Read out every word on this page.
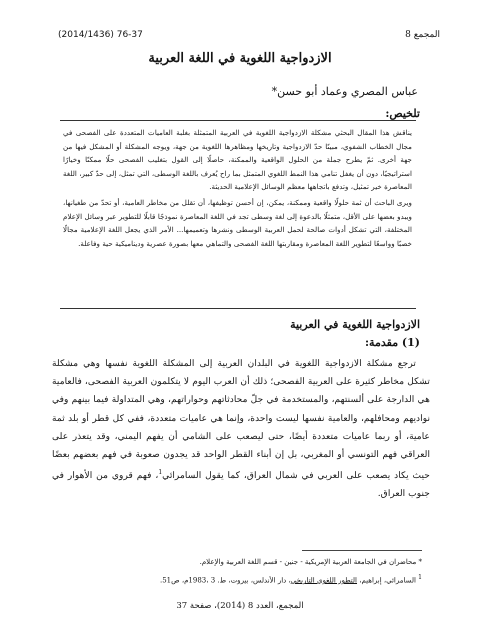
المجمع 8
(2014/1436) 76-37
الازدواجية اللغوية في اللغة العربية
عباس المصري وعماد أبو حسن*
تلخيص:

يناقش هذا المقال البحثي مشكلة الازدواجية اللغوية في العربية المتمثلة بغلبة العاميات المتعددة على الفصحى في مجال الخطاب الشفوي، مبينًا حدّ الازدواجية وتاريخها ومظاهرها اللغوية من جهة، ويوجه المشكلة أو المشكل فيها من جهة أخرى. ثمّ يطرح جملة من الحلول الواقعية والممكنة، حاصلًا إلى القول بتغليب الفصحى حلًا ممكنًا وخيارًا استراتيجيًا، دون أن يغفل تنامي هذا النمط اللغوي المتمثل بما راح يُعرف باللغة الوسطى، التي تمثل، إلى حدّ كبير، اللغة المعاصرة خير تمثيل، وتدفع باتجاهها معظم الوسائل الإعلامية الحديثة.

ويرى الباحث أن ثمة حلولًا واقعية وممكنة، يمكن، إن أحسن توظيفها، أن تقلل من مخاطر العامية، أو تحدّ من طغيانها، ويبدو بعضها على الأقل، متمثلًا بالدعوة إلى لغة وسطى تجد في اللغة المعاصرة نموذجًا قابلًا للتطوير عبر وسائل الإعلام المختلفة، التي تشكل أدوات صالحة لحمل العربية الوسطى ونشرها وتعميمها... الأمر الذي يجعل اللغة الإعلامية مجالًا خصبًا وواسعًا لتطوير اللغة المعاصرة ومقاربتها اللغة الفصحى والتماهي معها بصورة عصرية وديناميكية حية وفاعلة.

الازدواجية اللغوية في العربية
(1) مقدمة:

ترجع مشكلة الازدواجية اللغوية في البلدان العربية إلى المشكلة اللغوية نفسها وهي مشكلة تشكل مخاطر كثيرة على العربية الفصحى؛ ذلك أن العرب اليوم لا يتكلمون العربية الفصحى، فالعامية هي الدارجة على ألسنتهم، والمستخدمة في جلّ محادثاتهم وحواراتهم، وهي المتداولة فيما بينهم وفي نواديهم ومحافلهم، والعامية نفسها ليست واحدة، وإنما هي عاميات متعددة، ففي كل قطر أو بلد ثمة عامية، أو ربما عاميات متعددة أيضًا، حتى ليصعب على الشامي أن يفهم اليمني، وقد يتعذر على العراقي فهم التونسي أو المغربي، بل إن أبناء القطر الواحد قد يجدون صعوبة في فهم بعضهم بعضًا حيث يكاد يصعب على العربي في شمال العراق، كما يقول السامرائي$^1$، فهم قروي من الأهوار في جنوب العراق.

* محاضران في الجامعة العربية الإمريكية - جنين - قسم اللغة العربية والإعلام.
1 السامرائي، إبراهيم، التطور اللغوي التاريخي، دار الأندلس، بيروت، ط. 3 ،1983م، ص51.
المجمع، العدد 8 (2014)، صفحة 37
